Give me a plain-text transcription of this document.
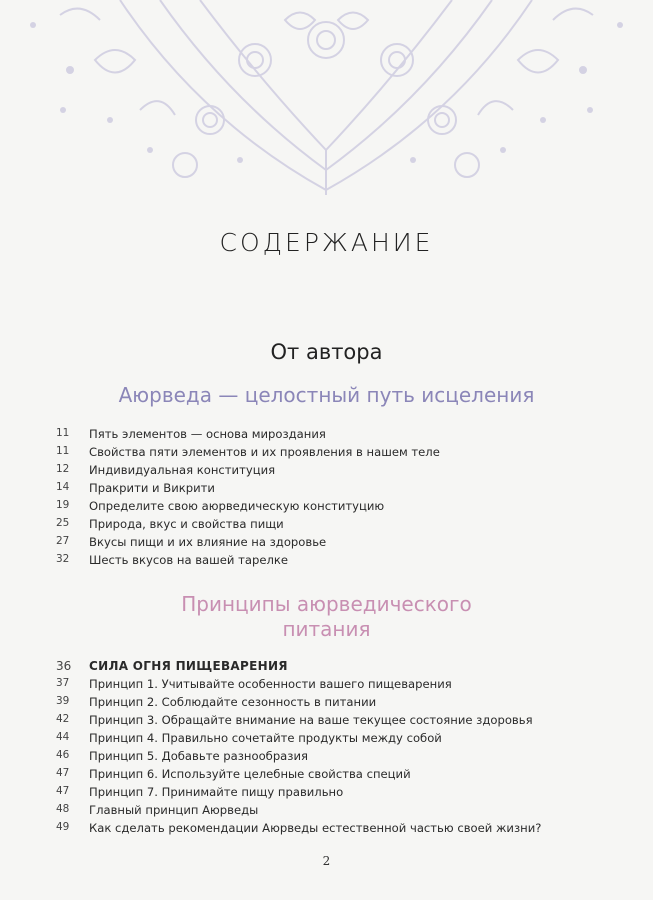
СОДЕРЖАНИЕ
От автора
Аюрведа — целостный путь исцеления
11 Пять элементов — основа мироздания
11 Свойства пяти элементов и их проявления в нашем теле
12 Индивидуальная конституция
14 Пракрити и Викрити
19 Определите свою аюрведическую конституцию
25 Природа, вкус и свойства пищи
27 Вкусы пищи и их влияние на здоровье
32 Шесть вкусов на вашей тарелке
Принципы аюрведического
питания
36 СИЛА ОГНЯ ПИЩЕВАРЕНИЯ
37 Принцип 1. Учитывайте особенности вашего пищеварения
39 Принцип 2. Соблюдайте сезонность в питании
42 Принцип 3. Обращайте внимание на ваше текущее состояние здоровья
44 Принцип 4. Правильно сочетайте продукты между собой
46 Принцип 5. Добавьте разнообразия
47 Принцип 6. Используйте целебные свойства специй
47 Принцип 7. Принимайте пищу правильно
48 Главный принцип Аюрведы
49 Как сделать рекомендации Аюрведы естественной частью своей жизни?
2
